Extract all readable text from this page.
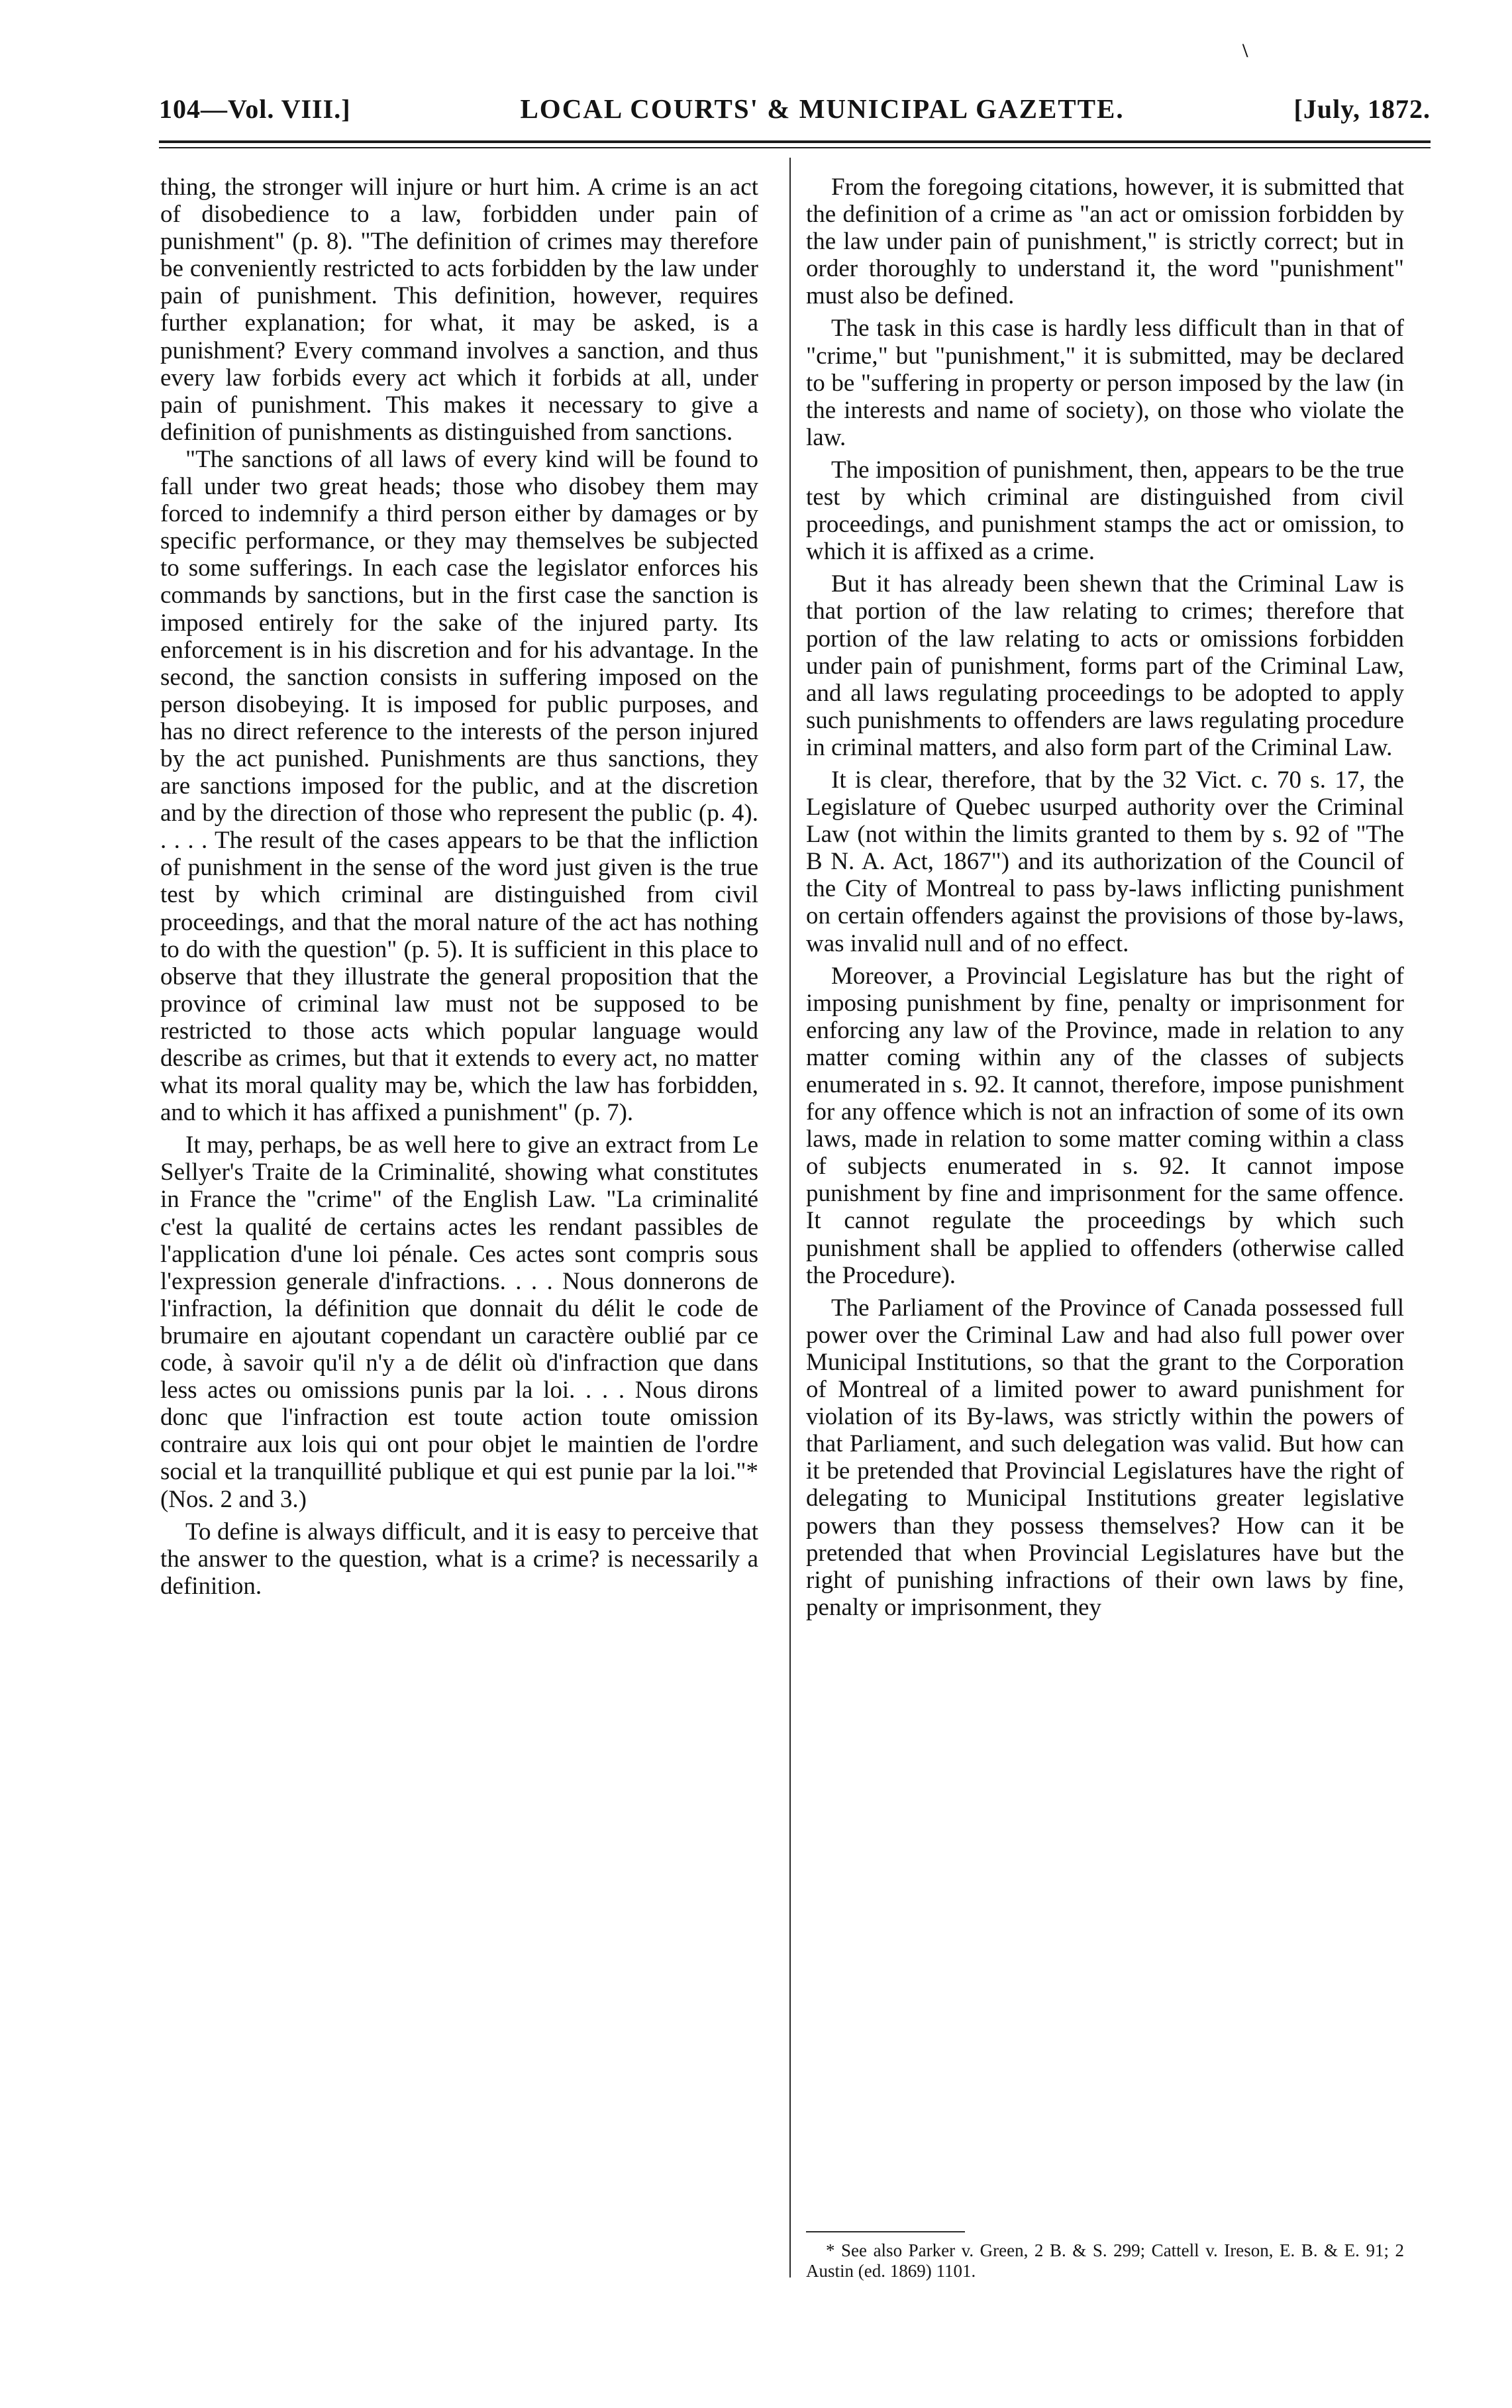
\
104—Vol. VIII.]	LOCAL COURTS' & MUNICIPAL GAZETTE.	[July, 1872.

thing, the stronger will injure or hurt him. A crime is an act of disobedience to a law, forbidden under pain of punishment" (p. 8). "The definition of crimes may therefore be conveniently restricted to acts forbidden by the law under pain of punishment. This definition, however, requires further explanation; for what, it may be asked, is a punishment? Every command involves a sanction, and thus every law forbids every act which it forbids at all, under pain of punishment. This makes it necessary to give a definition of punishments as distinguished from sanctions.

"The sanctions of all laws of every kind will be found to fall under two great heads; those who disobey them may forced to indemnify a third person either by damages or by specific performance, or they may themselves be subjected to some sufferings. In each case the legislator enforces his commands by sanctions, but in the first case the sanction is imposed entirely for the sake of the injured party. Its enforcement is in his discretion and for his advantage. In the second, the sanction consists in suffering imposed on the person disobeying. It is imposed for public purposes, and has no direct reference to the interests of the person injured by the act punished. Punishments are thus sanctions, they are sanctions imposed for the public, and at the discretion and by the direction of those who represent the public (p. 4). . . . . The result of the cases appears to be that the infliction of punishment in the sense of the word just given is the true test by which criminal are distinguished from civil proceedings, and that the moral nature of the act has nothing to do with the question" (p. 5). It is sufficient in this place to observe that they illustrate the general proposition that the province of criminal law must not be supposed to be restricted to those acts which popular language would describe as crimes, but that it extends to every act, no matter what its moral quality may be, which the law has forbidden, and to which it has affixed a punishment" (p. 7).

It may, perhaps, be as well here to give an extract from Le Sellyer's Traite de la Criminalité, showing what constitutes in France the "crime" of the English Law. "La criminalité c'est la qualité de certains actes les rendant passibles de l'application d'une loi pénale. Ces actes sont compris sous l'expression generale d'infractions. . . . Nous donnerons de l'infraction, la définition que donnait du délit le code de brumaire en ajoutant copendant un caractère oublié par ce code, à savoir qu'il n'y a de délit où d'infraction que dans less actes ou omissions punis par la loi. . . . Nous dirons donc que l'infraction est toute action toute omission contraire aux lois qui ont pour objet le maintien de l'ordre social et la tranquillité publique et qui est punie par la loi."* (Nos. 2 and 3.)

To define is always difficult, and it is easy to perceive that the answer to the question, what is a crime? is necessarily a definition.

From the foregoing citations, however, it is submitted that the definition of a crime as "an act or omission forbidden by the law under pain of punishment," is strictly correct; but in order thoroughly to understand it, the word "punishment" must also be defined.

The task in this case is hardly less difficult than in that of "crime," but "punishment," it is submitted, may be declared to be "suffering in property or person imposed by the law (in the interests and name of society), on those who violate the law.

The imposition of punishment, then, appears to be the true test by which criminal are distinguished from civil proceedings, and punishment stamps the act or omission, to which it is affixed as a crime.

But it has already been shewn that the Criminal Law is that portion of the law relating to crimes; therefore that portion of the law relating to acts or omissions forbidden under pain of punishment, forms part of the Criminal Law, and all laws regulating proceedings to be adopted to apply such punishments to offenders are laws regulating procedure in criminal matters, and also form part of the Criminal Law.

It is clear, therefore, that by the 32 Vict. c. 70 s. 17, the Legislature of Quebec usurped authority over the Criminal Law (not within the limits granted to them by s. 92 of "The B N. A. Act, 1867") and its authorization of the Council of the City of Montreal to pass by-laws inflicting punishment on certain offenders against the provisions of those by-laws, was invalid null and of no effect.

Moreover, a Provincial Legislature has but the right of imposing punishment by fine, penalty or imprisonment for enforcing any law of the Province, made in relation to any matter coming within any of the classes of subjects enumerated in s. 92. It cannot, therefore, impose punishment for any offence which is not an infraction of some of its own laws, made in relation to some matter coming within a class of subjects enumerated in s. 92. It cannot impose punishment by fine and imprisonment for the same offence. It cannot regulate the proceedings by which such punishment shall be applied to offenders (otherwise called the Procedure).

The Parliament of the Province of Canada possessed full power over the Criminal Law and had also full power over Municipal Institutions, so that the grant to the Corporation of Montreal of a limited power to award punishment for violation of its By-laws, was strictly within the powers of that Parliament, and such delegation was valid. But how can it be pretended that Provincial Legislatures have the right of delegating to Municipal Institutions greater legislative powers than they possess themselves? How can it be pretended that when Provincial Legislatures have but the right of punishing infractions of their own laws by fine, penalty or imprisonment, they

* See also Parker v. Green, 2 B. & S. 299; Cattell v. Ireson, E. B. & E. 91; 2 Austin (ed. 1869) 1101.
